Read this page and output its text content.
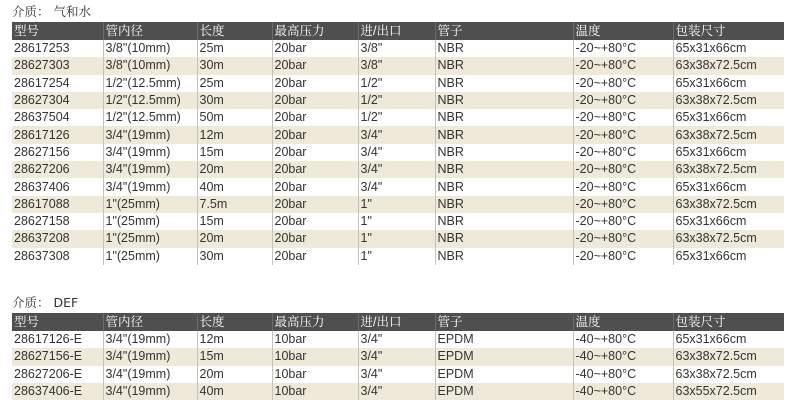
介质： 气和水
型号	管内径	长度	最高压力	进/出口	管子	温度	包装尺寸
28617253	3/8"(10mm)	25m	20bar	3/8"	NBR	-20~+80°C	65x31x66cm
28627303	3/8"(10mm)	30m	20bar	3/8"	NBR	-20~+80°C	63x38x72.5cm
28617254	1/2"(12.5mm)	25m	20bar	1/2"	NBR	-20~+80°C	65x31x66cm
28627304	1/2"(12.5mm)	30m	20bar	1/2"	NBR	-20~+80°C	63x38x72.5cm
28637504	1/2"(12.5mm)	50m	20bar	1/2"	NBR	-20~+80°C	65x31x66cm
28617126	3/4"(19mm)	12m	20bar	3/4"	NBR	-20~+80°C	63x38x72.5cm
28627156	3/4"(19mm)	15m	20bar	3/4"	NBR	-20~+80°C	65x31x66cm
28627206	3/4"(19mm)	20m	20bar	3/4"	NBR	-20~+80°C	63x38x72.5cm
28637406	3/4"(19mm)	40m	20bar	3/4"	NBR	-20~+80°C	65x31x66cm
28617088	1"(25mm)	7.5m	20bar	1"	NBR	-20~+80°C	63x38x72.5cm
28627158	1"(25mm)	15m	20bar	1"	NBR	-20~+80°C	65x31x66cm
28637208	1"(25mm)	20m	20bar	1"	NBR	-20~+80°C	63x38x72.5cm
28637308	1"(25mm)	30m	20bar	1"	NBR	-20~+80°C	65x31x66cm
介质： DEF
型号	管内径	长度	最高压力	进/出口	管子	温度	包装尺寸
28617126-E	3/4"(19mm)	12m	10bar	3/4"	EPDM	-40~+80°C	65x31x66cm
28627156-E	3/4"(19mm)	15m	10bar	3/4"	EPDM	-40~+80°C	63x38x72.5cm
28627206-E	3/4"(19mm)	20m	10bar	3/4"	EPDM	-40~+80°C	63x38x72.5cm
28637406-E	3/4"(19mm)	40m	10bar	3/4"	EPDM	-40~+80°C	63x55x72.5cm
